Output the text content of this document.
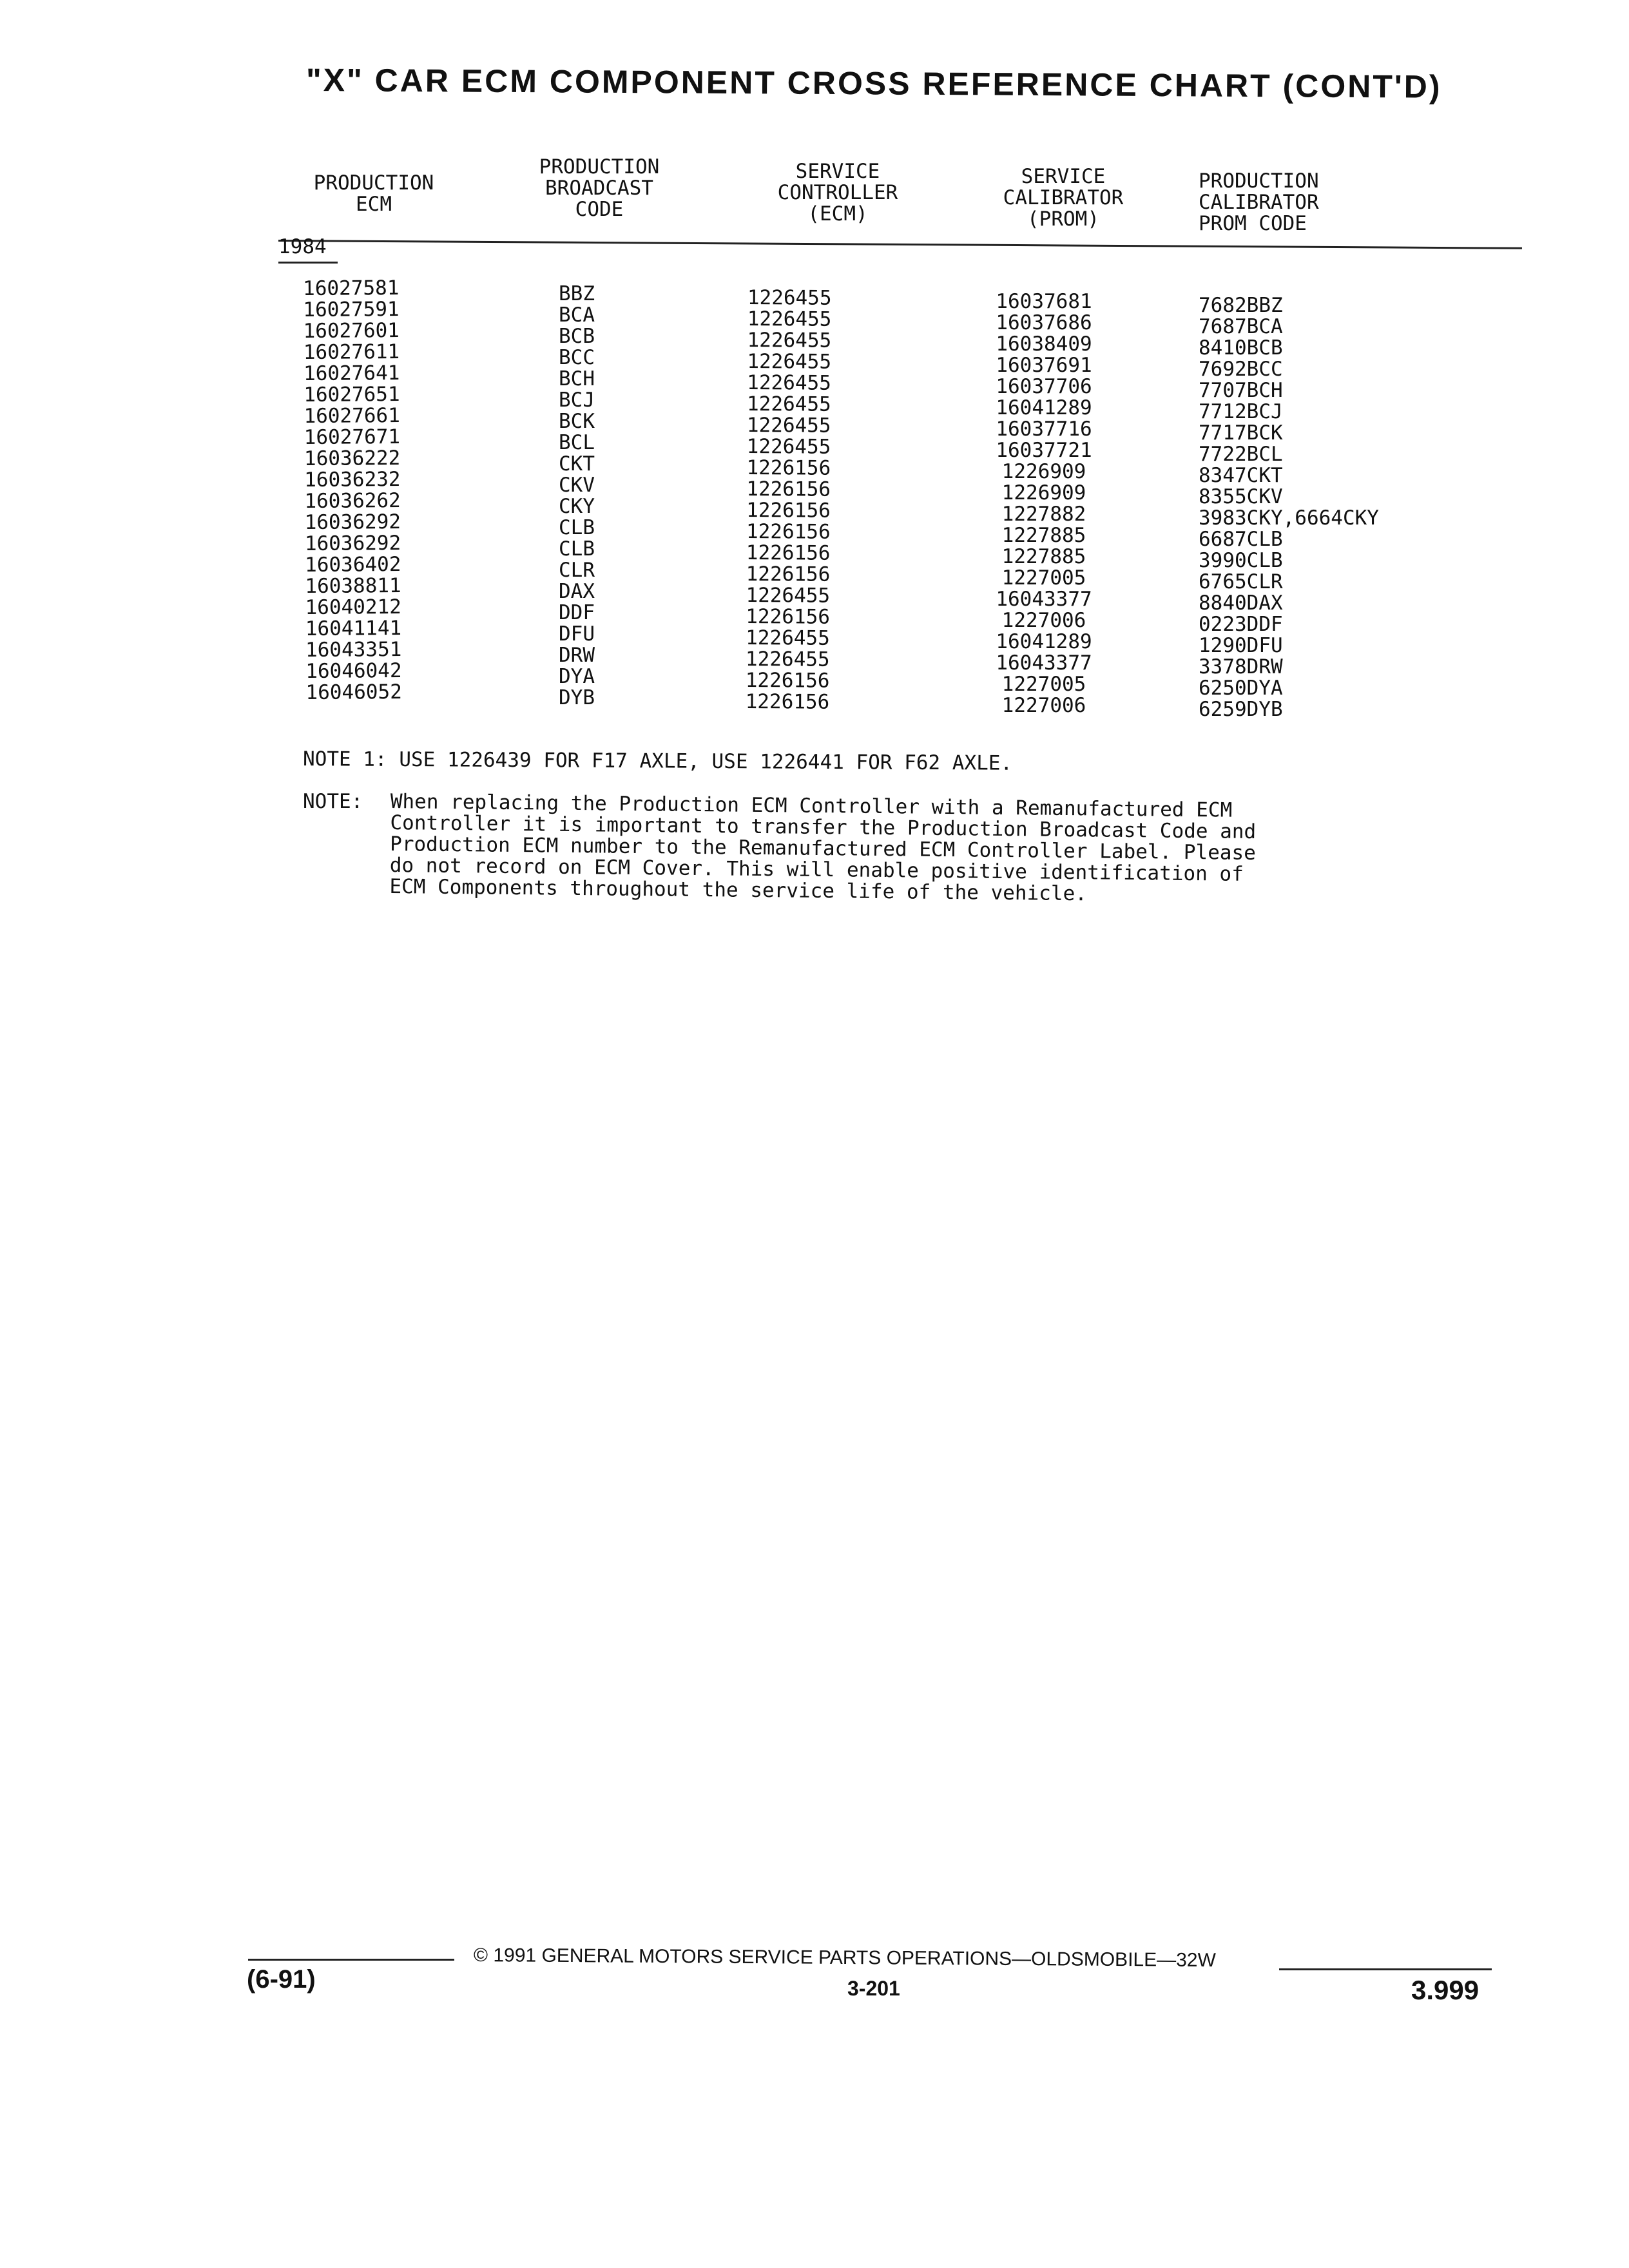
"X" CAR ECM COMPONENT CROSS REFERENCE CHART (CONT'D)
PRODUCTION
ECM
PRODUCTION
BROADCAST
CODE
SERVICE
CONTROLLER
(ECM)
SERVICE
CALIBRATOR
(PROM)
PRODUCTION
CALIBRATOR
PROM CODE
1984
16027581
16027591
16027601
16027611
16027641
16027651
16027661
16027671
16036222
16036232
16036262
16036292
16036292
16036402
16038811
16040212
16041141
16043351
16046042
16046052
BBZ
BCA
BCB
BCC
BCH
BCJ
BCK
BCL
CKT
CKV
CKY
CLB
CLB
CLR
DAX
DDF
DFU
DRW
DYA
DYB
1226455
1226455
1226455
1226455
1226455
1226455
1226455
1226455
1226156
1226156
1226156
1226156
1226156
1226156
1226455
1226156
1226455
1226455
1226156
1226156
16037681
16037686
16038409
16037691
16037706
16041289
16037716
16037721
1226909
1226909
1227882
1227885
1227885
1227005
16043377
1227006
16041289
16043377
1227005
1227006
7682BBZ
7687BCA
8410BCB
7692BCC
7707BCH
7712BCJ
7717BCK
7722BCL
8347CKT
8355CKV
3983CKY,6664CKY
6687CLB
3990CLB
6765CLR
8840DAX
0223DDF
1290DFU
3378DRW
6250DYA
6259DYB
NOTE 1: USE 1226439 FOR F17 AXLE, USE 1226441 FOR F62 AXLE.
NOTE: When replacing the Production ECM Controller with a Remanufactured ECM
Controller it is important to transfer the Production Broadcast Code and
Production ECM number to the Remanufactured ECM Controller Label. Please
do not record on ECM Cover. This will enable positive identification of
ECM Components throughout the service life of the vehicle.
(6-91)
© 1991 GENERAL MOTORS SERVICE PARTS OPERATIONS—OLDSMOBILE—32W
3-201	3.999
